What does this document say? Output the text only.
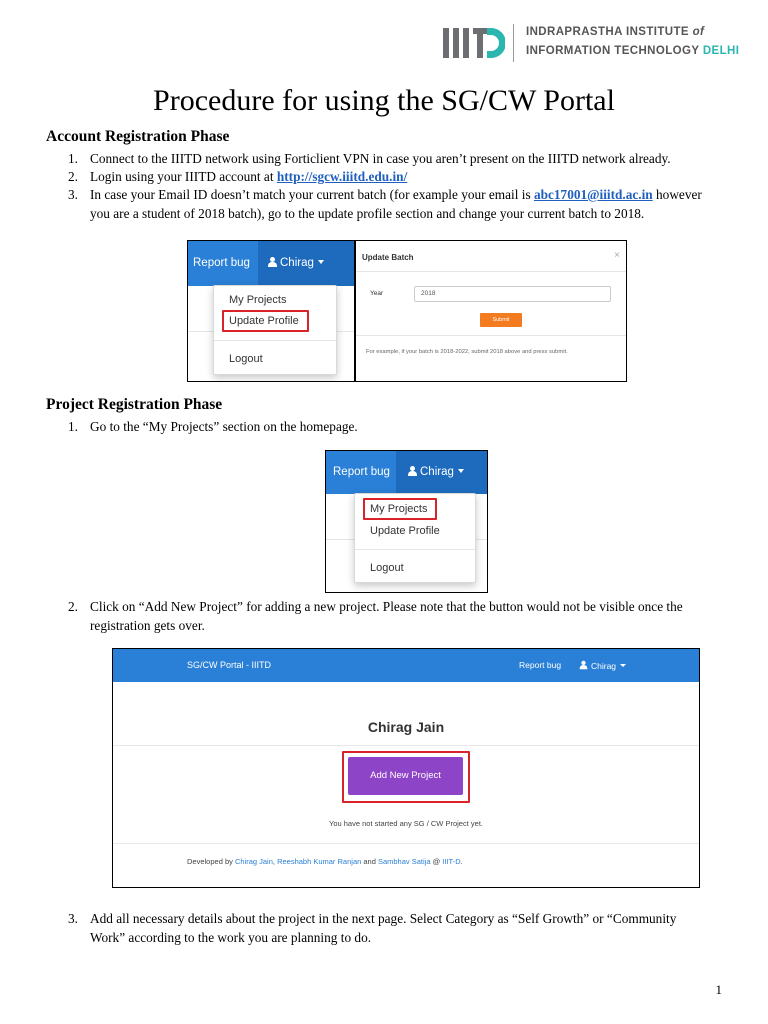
INDRAPRASTHA INSTITUTE of
INFORMATION TECHNOLOGY DELHI
Procedure for using the SG/CW Portal
Account Registration Phase
1. Connect to the IIITD network using Forticlient VPN in case you aren’t present on the IIITD network already.
2. Login using your IIITD account at http://sgcw.iiitd.edu.in/
3. In case your Email ID doesn’t match your current batch (for example your email is abc17001@iiitd.ac.in however
you are a student of 2018 batch), go to the update profile section and change your current batch to 2018.
Report bug	Chirag
My Projects
Update Profile
Logout
Update Batch	×
Year	2018
Submit
For example, if your batch is 2018-2022, submit 2018 above and press submit.
Project Registration Phase
1. Go to the “My Projects” section on the homepage.
Report bug	Chirag
My Projects
Update Profile
Logout
2. Click on “Add New Project” for adding a new project. Please note that the button would not be visible once the
registration gets over.
SG/CW Portal - IIITD	Report bug	Chirag
Chirag Jain
Add New Project
You have not started any SG / CW Project yet.
Developed by Chirag Jain, Reeshabh Kumar Ranjan and Sambhav Satija @ IIIT-D.
3. Add all necessary details about the project in the next page. Select Category as “Self Growth” or “Community
Work” according to the work you are planning to do.
1
